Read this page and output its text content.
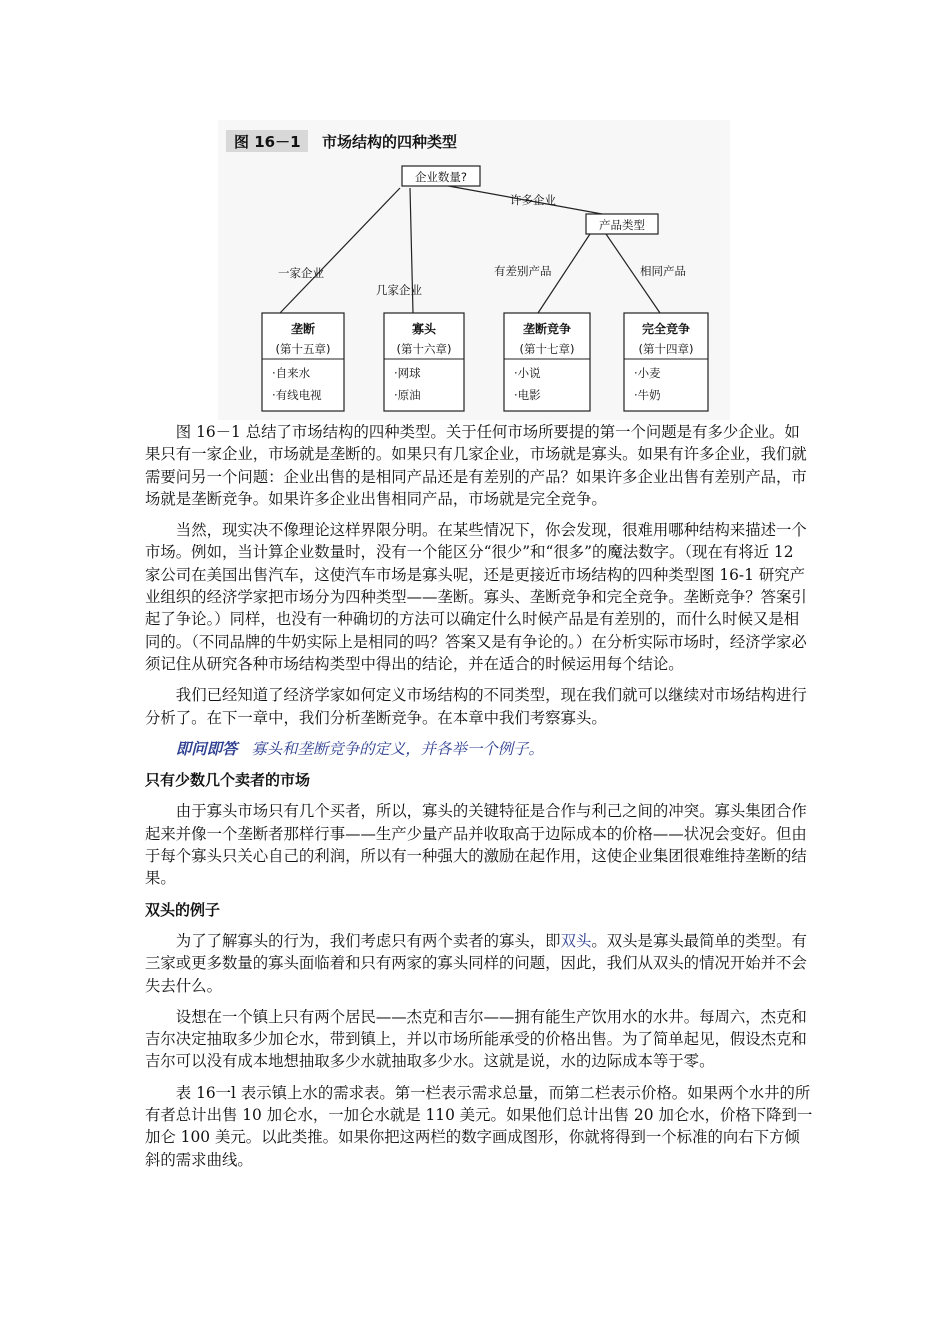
图 16－1 市场结构的四种类型
企业数量?
产品类型
许多企业
一家企业
几家企业
有差别产品	相同产品
垄断
(第十五章)
·自来水
·有线电视
寡头
(第十六章)
·网球
·原油
垄断竞争
(第十七章)
·小说
·电影
完全竞争
(第十四章)
·小麦
·牛奶

图 16－1 总结了市场结构的四种类型。关于任何市场所要提的第一个问题是有多少企业。如果只有一家企业，市场就是垄断的。如果只有几家企业，市场就是寡头。如果有许多企业，我们就需要问另一个问题：企业出售的是相同产品还是有差别的产品？如果许多企业出售有差别产品，市场就是垄断竞争。如果许多企业出售相同产品，市场就是完全竞争。

当然，现实决不像理论这样界限分明。在某些情况下，你会发现，很难用哪种结构来描述一个市场。例如，当计算企业数量时，没有一个能区分“很少”和“很多”的魔法数字。（现在有将近 12 家公司在美国出售汽车，这使汽车市场是寡头呢，还是更接近市场结构的四种类型图 16-1 研究产业组织的经济学家把市场分为四种类型——垄断。寡头、垄断竞争和完全竞争。垄断竞争？答案引起了争论。）同样，也没有一种确切的方法可以确定什么时候产品是有差别的，而什么时候又是相同的。（不同品牌的牛奶实际上是相同的吗？答案又是有争论的。）在分析实际市场时，经济学家必须记住从研究各种市场结构类型中得出的结论，并在适合的时候运用每个结论。

我们已经知道了经济学家如何定义市场结构的不同类型，现在我们就可以继续对市场结构进行分析了。在下一章中，我们分析垄断竞争。在本章中我们考察寡头。

即问即答 寡头和垄断竞争的定义，并各举一个例子。

只有少数几个卖者的市场

由于寡头市场只有几个买者，所以，寡头的关键特征是合作与利己之间的冲突。寡头集团合作起来并像一个垄断者那样行事——生产少量产品并收取高于边际成本的价格——状况会变好。但由于每个寡头只关心自己的利润，所以有一种强大的激励在起作用，这使企业集团很难维持垄断的结果。

双头的例子

为了了解寡头的行为，我们考虑只有两个卖者的寡头，即双头。双头是寡头最简单的类型。有三家或更多数量的寡头面临着和只有两家的寡头同样的问题，因此，我们从双头的情况开始并不会失去什么。

设想在一个镇上只有两个居民——杰克和吉尔——拥有能生产饮用水的水井。每周六，杰克和吉尔决定抽取多少加仑水，带到镇上，并以市场所能承受的价格出售。为了简单起见，假设杰克和吉尔可以没有成本地想抽取多少水就抽取多少水。这就是说，水的边际成本等于零。

表 16一l 表示镇上水的需求表。第一栏表示需求总量，而第二栏表示价格。如果两个水井的所有者总计出售 10 加仑水，一加仑水就是 110 美元。如果他们总计出售 20 加仑水，价格下降到一加仑 100 美元。以此类推。如果你把这两栏的数字画成图形，你就将得到一个标准的向右下方倾斜的需求曲线。
